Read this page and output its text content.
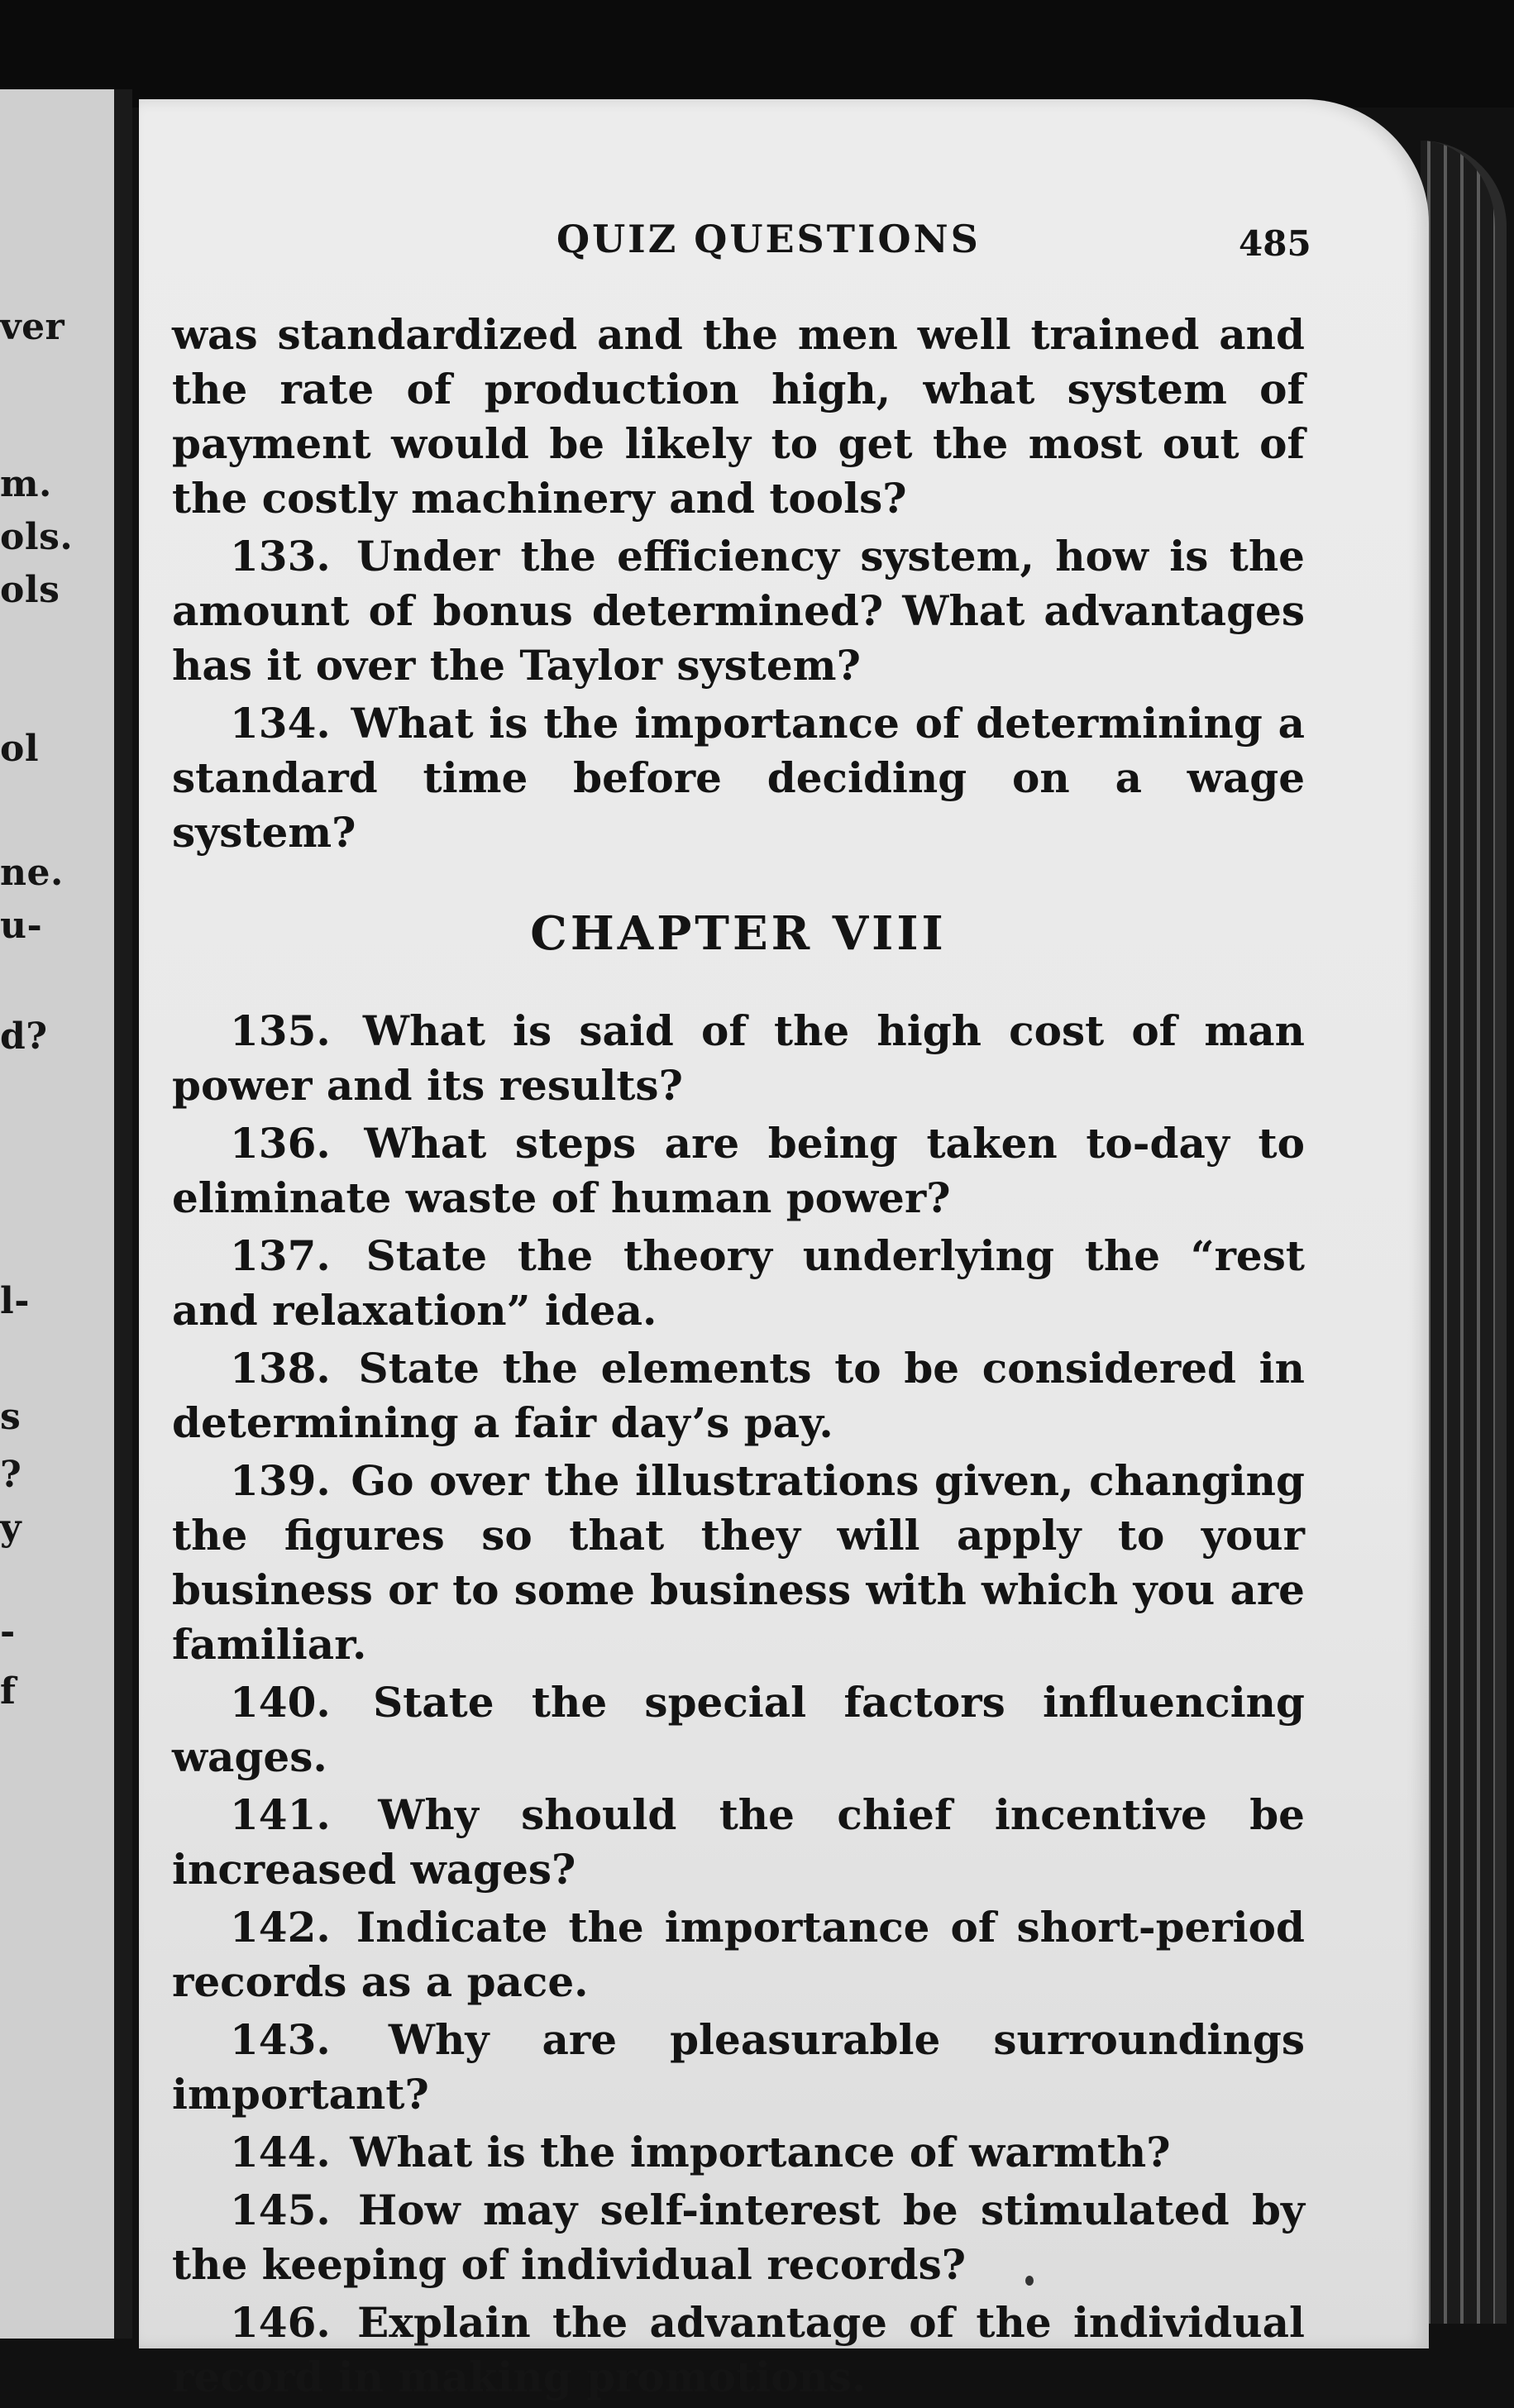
ver
m.
ols.
ols
ol
ne.
u-
d?
l-
s
?
y
-
f
QUIZ QUESTIONS	485

was standardized and the men well trained and the rate of production high, what system of payment would be likely to get the most out of the costly machinery and tools?

133. Under the efficiency system, how is the amount of bonus determined? What advantages has it over the Taylor system?

134. What is the importance of determining a standard time before deciding on a wage system?

CHAPTER VIII

135. What is said of the high cost of man power and its results?

136. What steps are being taken to-day to eliminate waste of human power?

137. State the theory underlying the “rest and relaxation” idea.

138. State the elements to be considered in determining a fair day’s pay.

139. Go over the illustrations given, changing the figures so that they will apply to your business or to some business with which you are familiar.

140. State the special factors influencing wages.

141. Why should the chief incentive be increased wages?

142. Indicate the importance of short-period records as a pace.

143. Why are pleasurable surroundings important?

144. What is the importance of warmth?

145. How may self-interest be stimulated by the keeping of individual records?

146. Explain the advantage of the individual record in making promotions.
